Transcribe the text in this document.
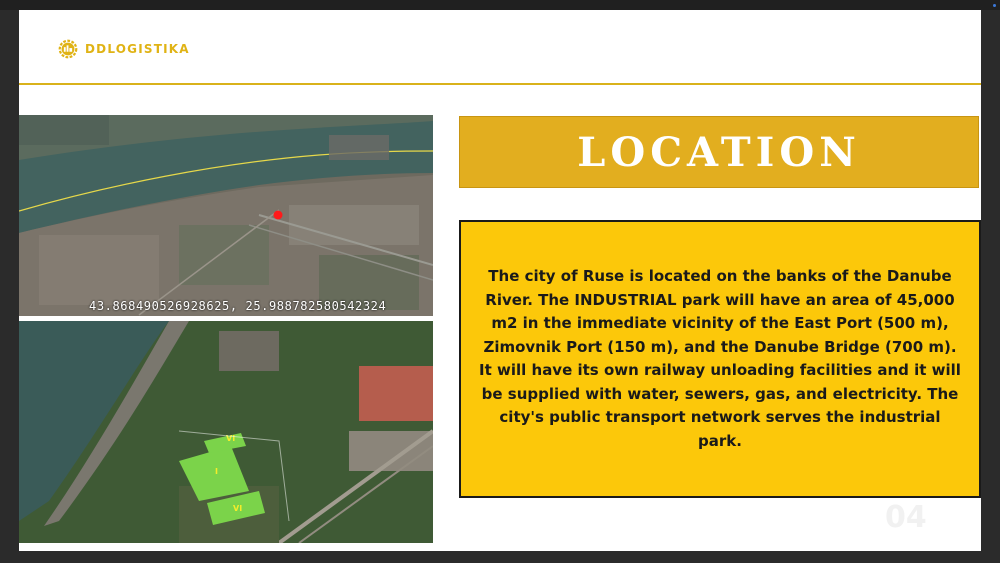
DDLOGISTIKA
43.868490526928625, 25.988782580542324
VI
I
VI
LOCATION

The city of Ruse is located on the banks of the Danube River. The INDUSTRIAL park will have an area of 45,000 m2 in the immediate vicinity of the East Port (500 m), Zimovnik Port (150 m), and the Danube Bridge (700 m). It will have its own railway unloading facilities and it will be supplied with water, sewers, gas, and electricity. The city's public transport network serves the industrial park.

04
